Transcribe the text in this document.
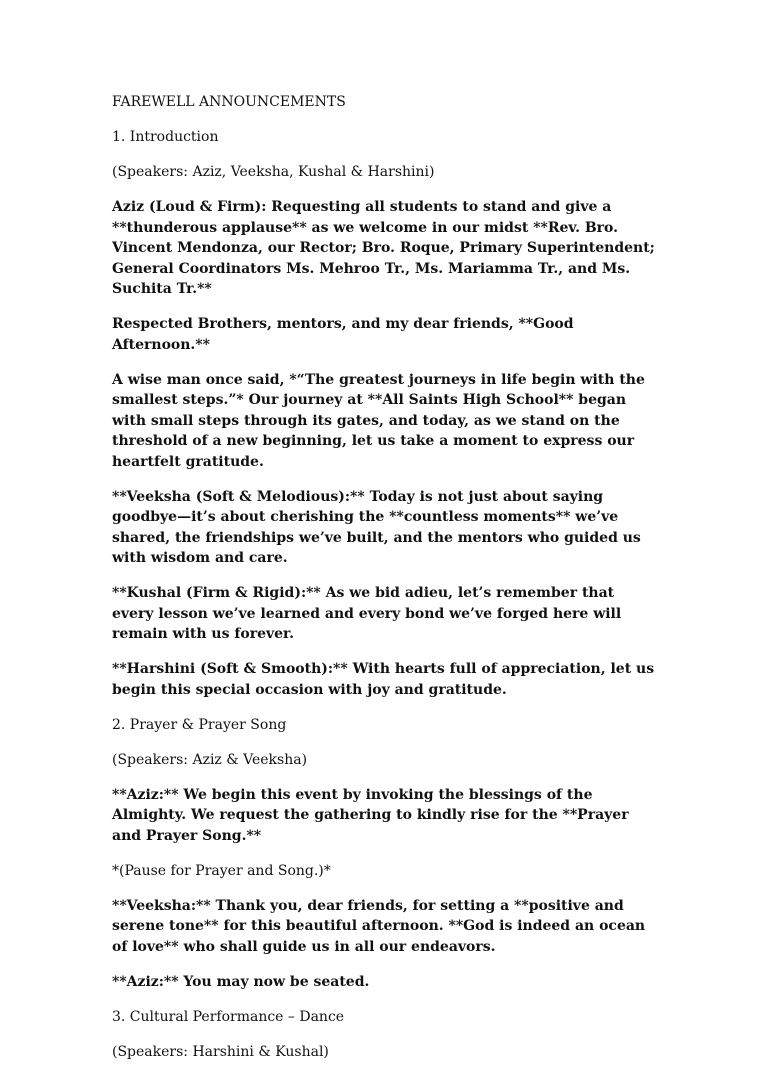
FAREWELL ANNOUNCEMENTS

1. Introduction

(Speakers: Aziz, Veeksha, Kushal & Harshini)

Aziz (Loud & Firm): Requesting all students to stand and give a **thunderous applause** as we welcome in our midst **Rev. Bro. Vincent Mendonza, our Rector; Bro. Roque, Primary Superintendent; General Coordinators Ms. Mehroo Tr., Ms. Mariamma Tr., and Ms. Suchita Tr.**

Respected Brothers, mentors, and my dear friends, **Good Afternoon.**

A wise man once said, *“The greatest journeys in life begin with the smallest steps.”* Our journey at **All Saints High School** began with small steps through its gates, and today, as we stand on the threshold of a new beginning, let us take a moment to express our heartfelt gratitude.

**Veeksha (Soft & Melodious):** Today is not just about saying goodbye—it’s about cherishing the **countless moments** we’ve shared, the friendships we’ve built, and the mentors who guided us with wisdom and care.

**Kushal (Firm & Rigid):** As we bid adieu, let’s remember that every lesson we’ve learned and every bond we’ve forged here will remain with us forever.

**Harshini (Soft & Smooth):** With hearts full of appreciation, let us begin this special occasion with joy and gratitude.

2. Prayer & Prayer Song

(Speakers: Aziz & Veeksha)

**Aziz:** We begin this event by invoking the blessings of the Almighty. We request the gathering to kindly rise for the **Prayer and Prayer Song.**

*(Pause for Prayer and Song.)*

**Veeksha:** Thank you, dear friends, for setting a **positive and serene tone** for this beautiful afternoon. **God is indeed an ocean of love** who shall guide us in all our endeavors.

**Aziz:** You may now be seated.

3. Cultural Performance – Dance

(Speakers: Harshini & Kushal)
